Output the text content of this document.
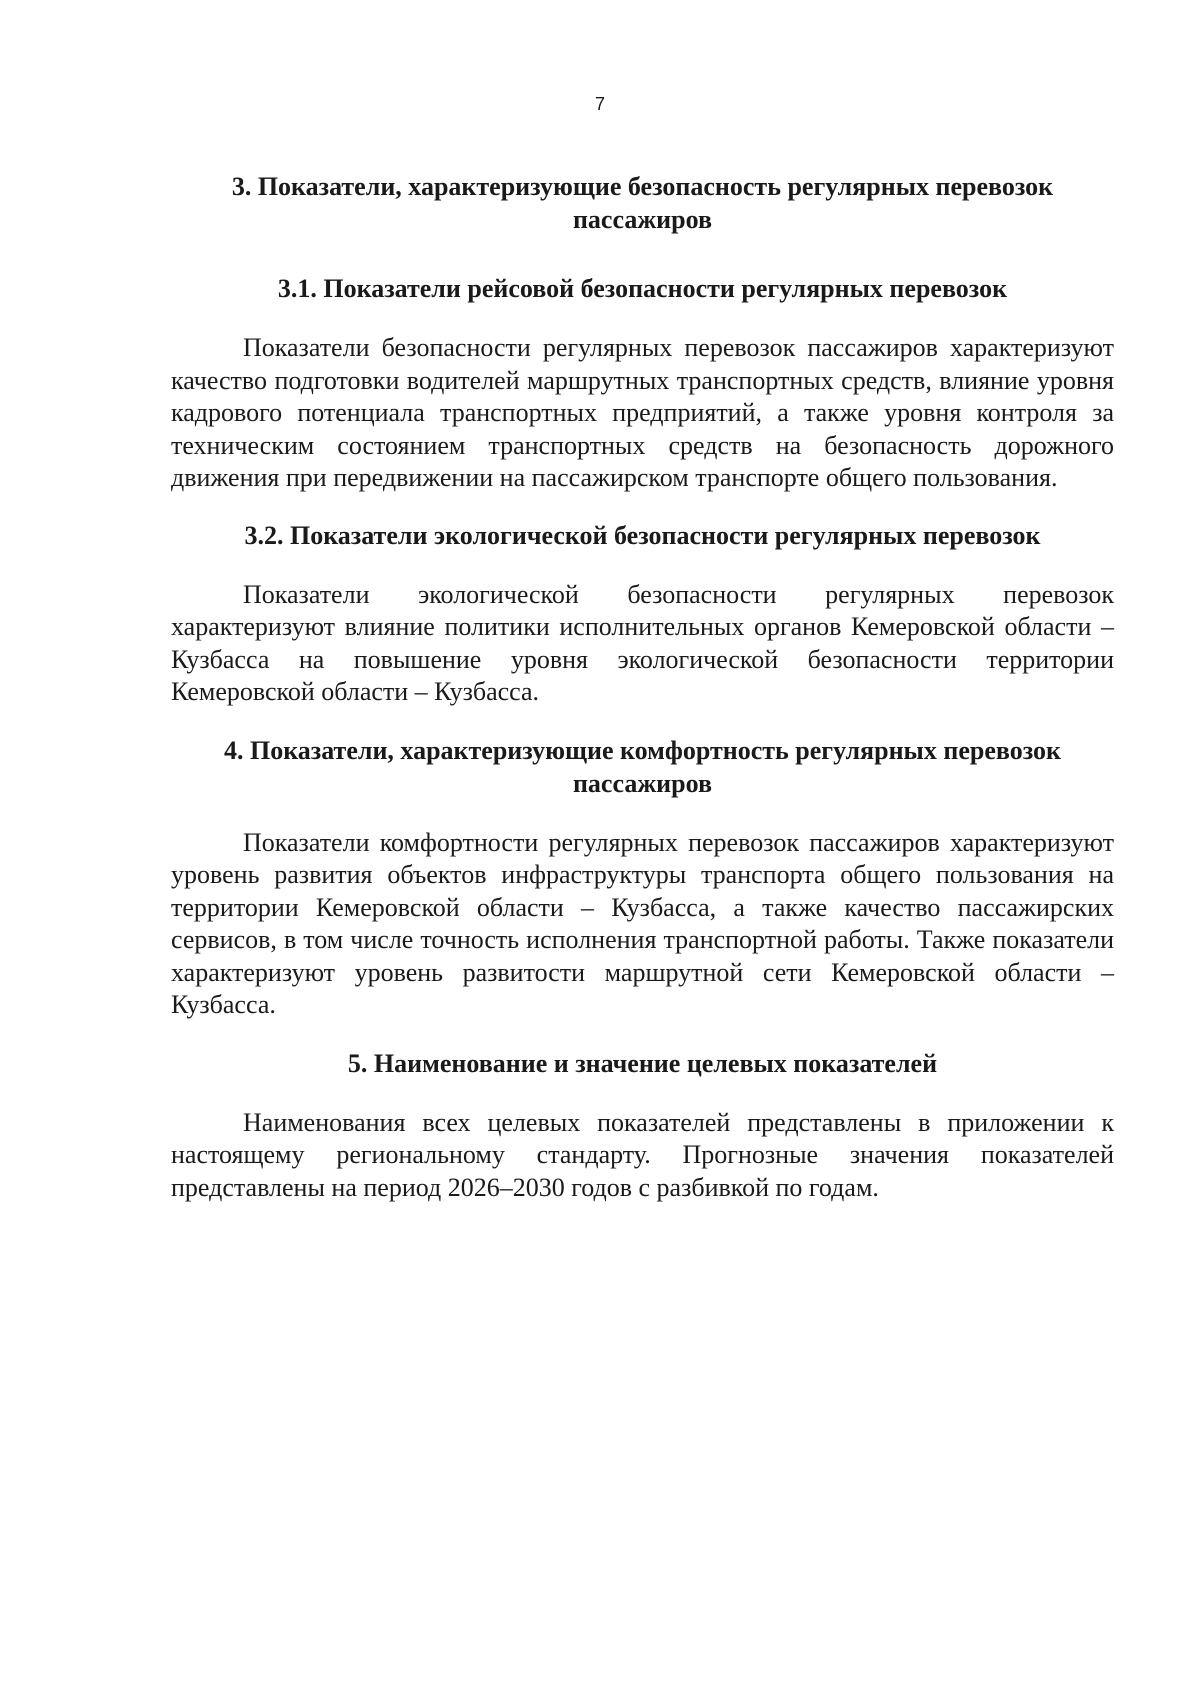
7
3. Показатели, характеризующие безопасность регулярных перевозок пассажиров
3.1. Показатели рейсовой безопасности регулярных перевозок

Показатели безопасности регулярных перевозок пассажиров характеризуют качество подготовки водителей маршрутных транспортных средств, влияние уровня кадрового потенциала транспортных предприятий, а также уровня контроля за техническим состоянием транспортных средств на безопасность дорожного движения при передвижении на пассажирском транспорте общего пользования.

3.2. Показатели экологической безопасности регулярных перевозок

Показатели экологической безопасности регулярных перевозок характеризуют влияние политики исполнительных органов Кемеровской области – Кузбасса на повышение уровня экологической безопасности территории Кемеровской области – Кузбасса.

4. Показатели, характеризующие комфортность регулярных перевозок пассажиров

Показатели комфортности регулярных перевозок пассажиров характеризуют уровень развития объектов инфраструктуры транспорта общего пользования на территории Кемеровской области – Кузбасса, а также качество пассажирских сервисов, в том числе точность исполнения транспортной работы. Также показатели характеризуют уровень развитости маршрутной сети Кемеровской области – Кузбасса.

5. Наименование и значение целевых показателей

Наименования всех целевых показателей представлены в приложении к настоящему региональному стандарту. Прогнозные значения показателей представлены на период 2026–2030 годов с разбивкой по годам.
